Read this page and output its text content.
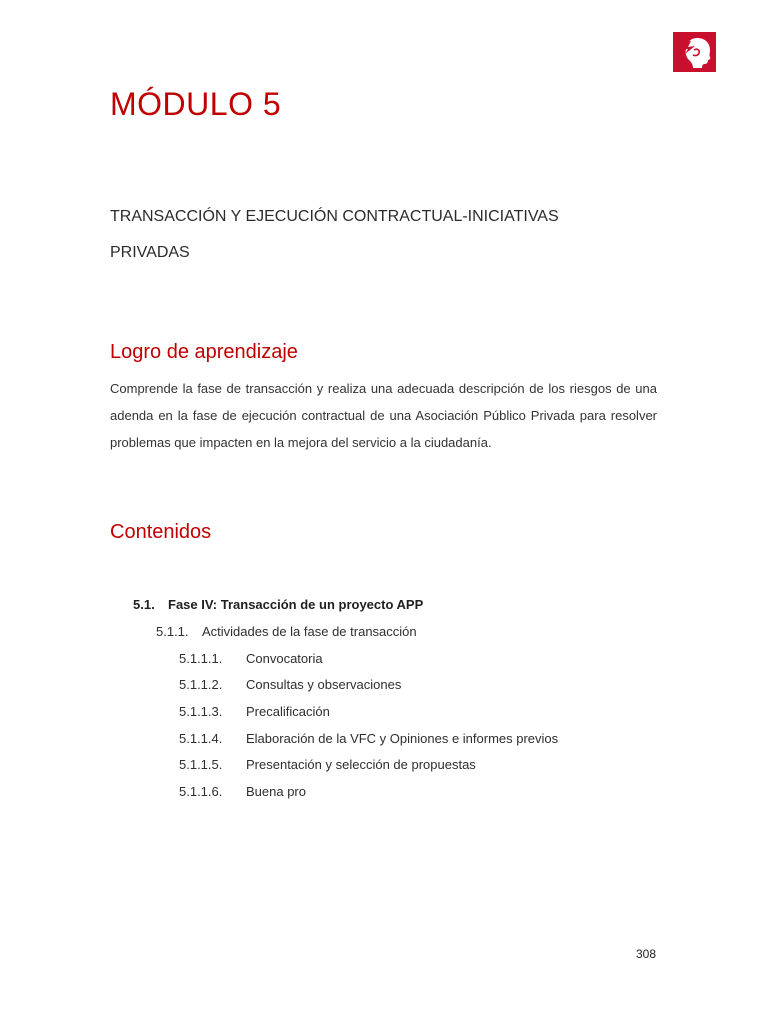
MÓDULO 5
TRANSACCIÓN Y EJECUCIÓN CONTRACTUAL-INICIATIVAS PRIVADAS
Logro de aprendizaje

Comprende la fase de transacción y realiza una adecuada descripción de los riesgos de una adenda en la fase de ejecución contractual de una Asociación Público Privada para resolver problemas que impacten en la mejora del servicio a la ciudadanía.

Contenidos
5.1.	Fase IV: Transacción de un proyecto APP
5.1.1.	Actividades de la fase de transacción
5.1.1.1.	Convocatoria
5.1.1.2.	Consultas y observaciones
5.1.1.3.	Precalificación
5.1.1.4.	Elaboración de la VFC y Opiniones e informes previos
5.1.1.5.	Presentación y selección de propuestas
5.1.1.6.	Buena pro
308
